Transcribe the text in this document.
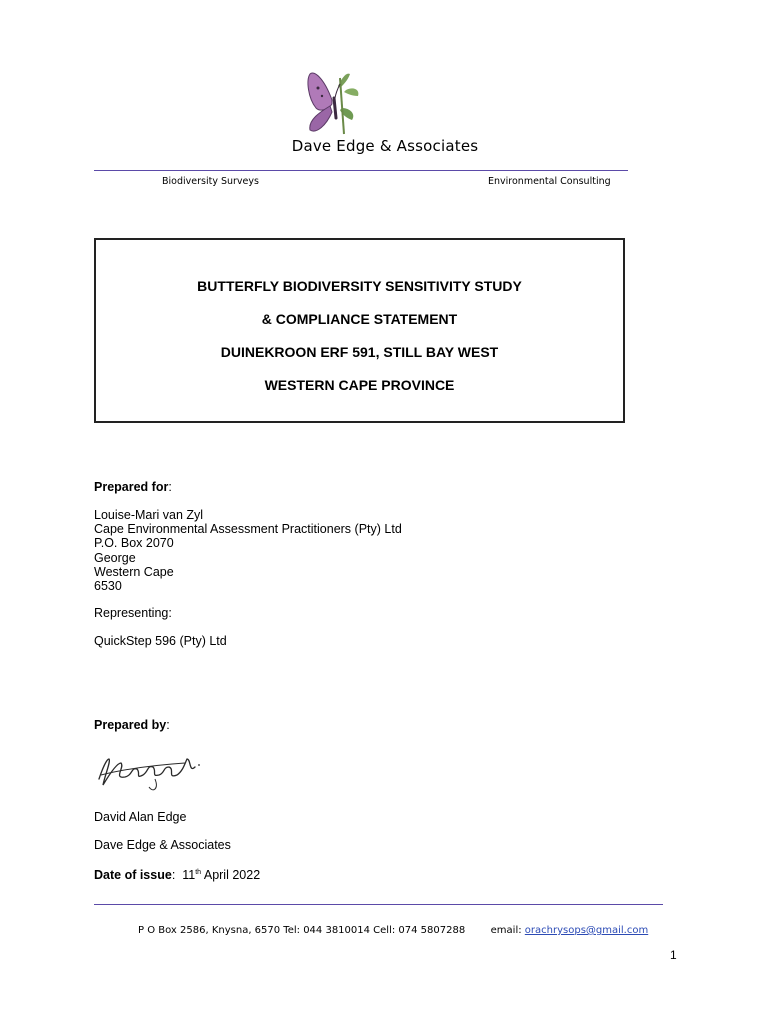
Dave Edge & Associates
Biodiversity Surveys	Environmental Consulting
BUTTERFLY BIODIVERSITY SENSITIVITY STUDY
& COMPLIANCE STATEMENT
DUINEKROON ERF 591, STILL BAY WEST
WESTERN CAPE PROVINCE
Prepared for:
Louise-Mari van Zyl
Cape Environmental Assessment Practitioners (Pty) Ltd
P.O. Box 2070
George
Western Cape
6530
Representing:
QuickStep 596 (Pty) Ltd
Prepared by:
David Alan Edge
Dave Edge & Associates
Date of issue:  11th April 2022
P O Box 2586, Knysna, 6570 Tel: 044 3810014 Cell: 074 5807288	email: orachrysops@gmail.com
1
